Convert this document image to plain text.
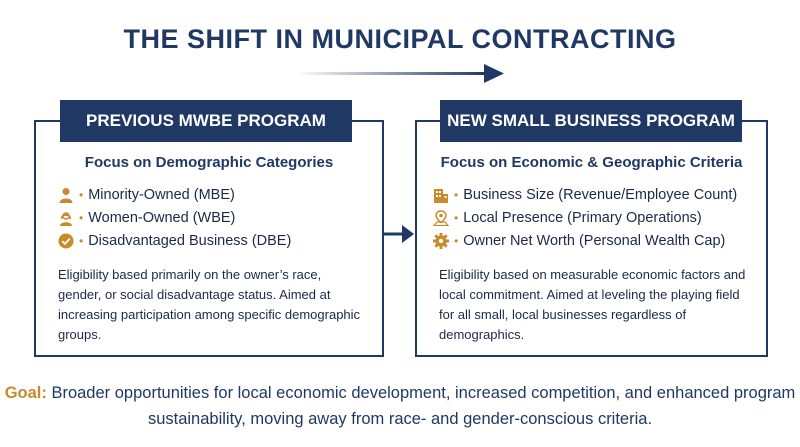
THE SHIFT IN MUNICIPAL CONTRACTING
Focus on Demographic Categories
• Minority-Owned (MBE)
• Women-Owned (WBE)
• Disadvantaged Business (DBE)
Eligibility based primarily on the owner’s race, gender, or social disadvantage status. Aimed at increasing participation among specific demographic groups.
PREVIOUS MWBE PROGRAM
Focus on Economic & Geographic Criteria
• Business Size (Revenue/Employee Count)
• Local Presence (Primary Operations)
• Owner Net Worth (Personal Wealth Cap)
Eligibility based on measurable economic factors and local commitment. Aimed at leveling the playing field for all small, local businesses regardless of demographics.
NEW SMALL BUSINESS PROGRAM
Goal: Broader opportunities for local economic development, increased competition, and enhanced program sustainability, moving away from race- and gender-conscious criteria.
